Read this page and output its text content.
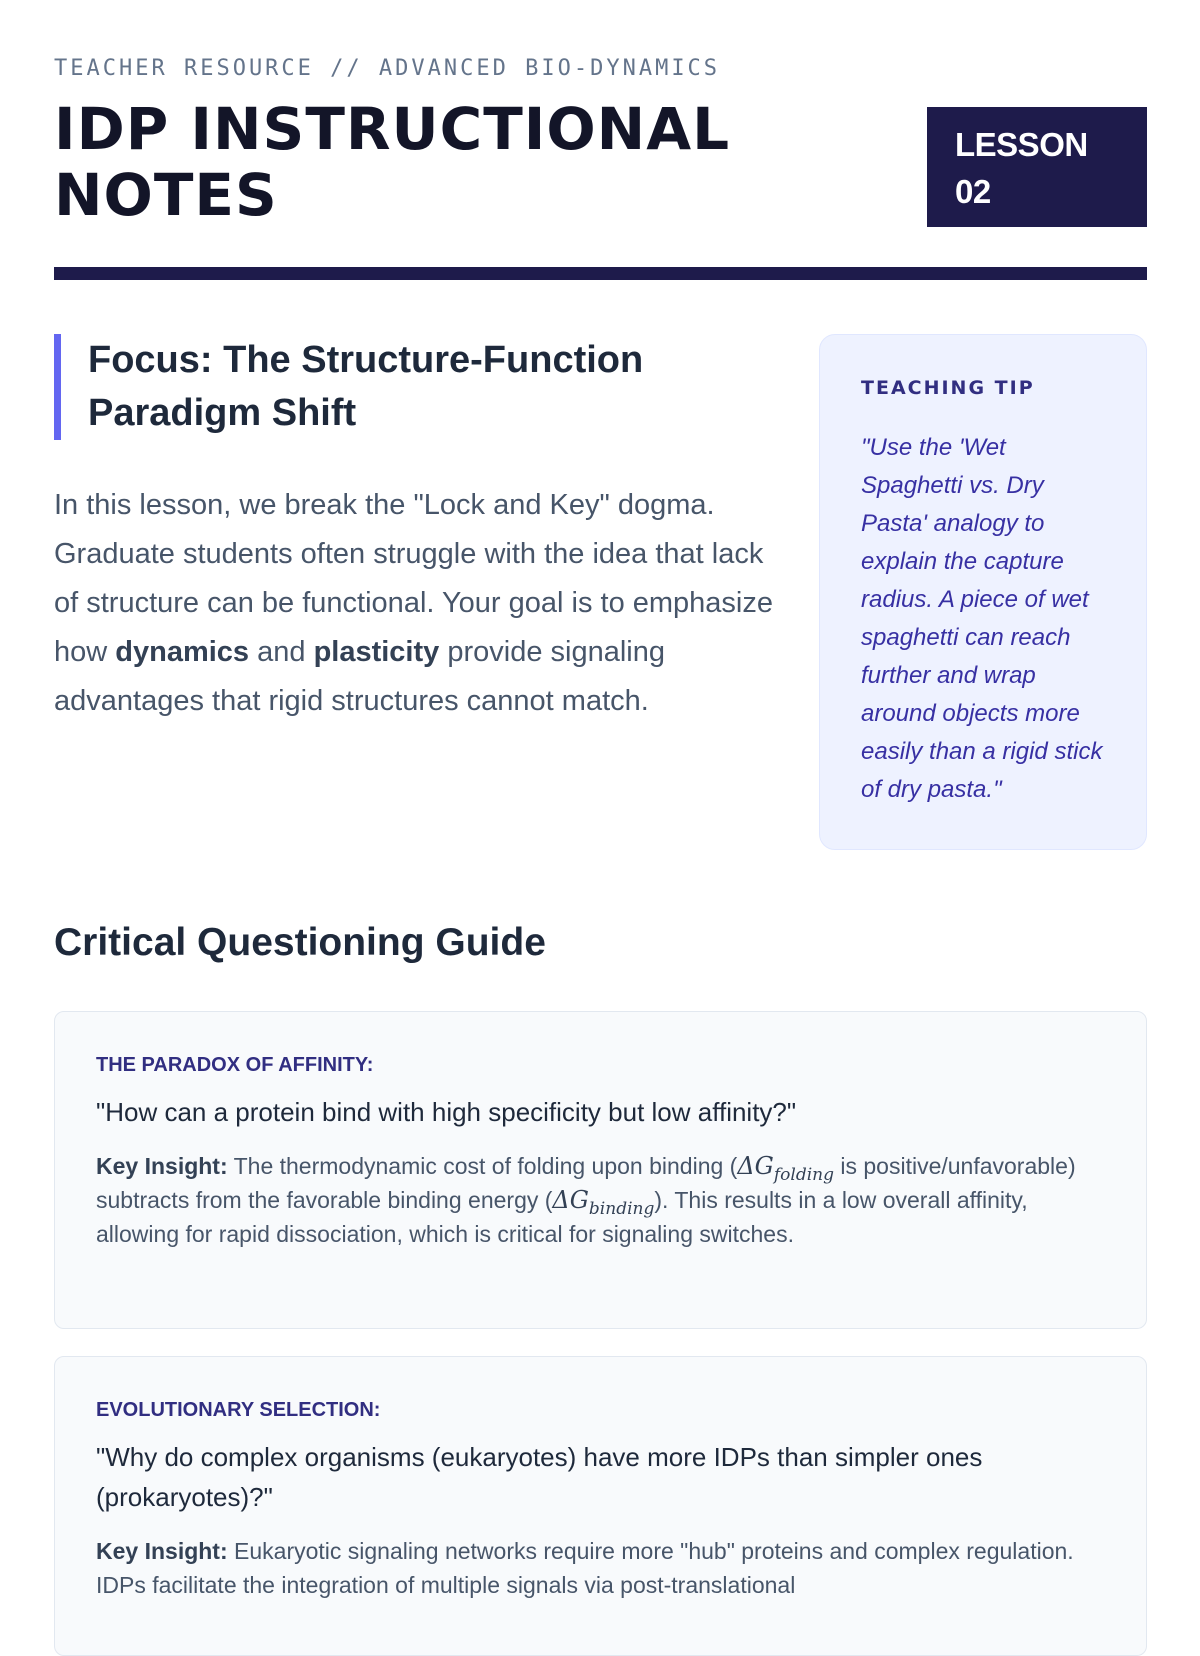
TEACHER RESOURCE // ADVANCED BIO-DYNAMICS
IDP INSTRUCTIONAL
NOTES
LESSON
02
Focus: The Structure-Function Paradigm Shift

In this lesson, we break the "Lock and Key" dogma. Graduate students often struggle with the idea that lack of structure can be functional. Your goal is to emphasize how dynamics and plasticity provide signaling advantages that rigid structures cannot match.

TEACHING TIP

"Use the 'Wet Spaghetti vs. Dry Pasta' analogy to explain the capture radius. A piece of wet spaghetti can reach further and wrap around objects more easily than a rigid stick of dry pasta."

Critical Questioning Guide
THE PARADOX OF AFFINITY:
"How can a protein bind with high specificity but low affinity?"

Key Insight: The thermodynamic cost of folding upon binding ($\Delta G_{folding}$ is positive/unfavorable) subtracts from the favorable binding energy $(\Delta G_{binding})$. This results in a low overall affinity, allowing for rapid dissociation, which is critical for signaling switches.

EVOLUTIONARY SELECTION:
"Why do complex organisms (eukaryotes) have more IDPs than simpler ones (prokaryotes)?"

Key Insight: Eukaryotic signaling networks require more "hub" proteins and complex regulation. IDPs facilitate the integration of multiple signals via post-translational
